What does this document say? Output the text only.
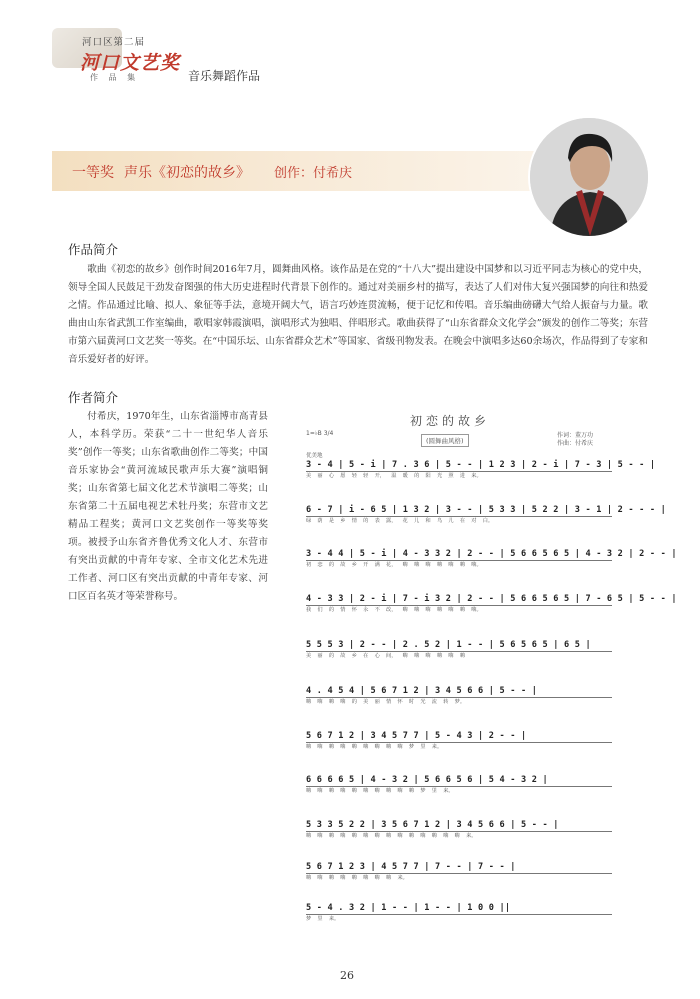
河口区第二届
河口文艺奖
作 品 集	音乐舞蹈作品
一等奖 声乐《初恋的故乡》 创作：付希庆
作品简介
歌曲《初恋的故乡》创作时间2016年7月，圆舞曲风格。该作品是在党的“十八大”提出建设中国梦和以习近平同志为核心的党中央，领导全国人民鼓足干劲发奋图强的伟大历史进程时代背景下创作的。通过对美丽乡村的描写，表达了人们对伟大复兴强国梦的向往和热爱之情。作品通过比喻、拟人、象征等手法，意境开阔大气，语言巧妙连贯流畅，便于记忆和传唱。音乐编曲磅礴大气给人振奋与力量。歌曲由山东省武凯工作室编曲，歌唱家韩霞演唱，演唱形式为独唱、伴唱形式。歌曲获得了“山东省群众文化学会”颁发的创作二等奖；东营市第六届黄河口文艺奖一等奖。在“中国乐坛、山东省群众艺术”等国家、省级刊物发表。在晚会中演唱多达60余场次，作品得到了专家和音乐爱好者的好评。
作者简介
付希庆，1970年生，山东省淄博市高青县人，本科学历。荣获“二十一世纪华人音乐奖”创作一等奖；山东省歌曲创作二等奖；中国音乐家协会“黄河流域民歌声乐大赛”演唱铜奖；山东省第七届文化艺术节演唱二等奖；山东省第二十五届电视艺术牡丹奖；东营市文艺精品工程奖；黄河口文艺奖创作一等奖等奖项。被授予山东省齐鲁优秀文化人才、东营市有突出贡献的中青年专家、全市文化艺术先进工作者、河口区有突出贡献的中青年专家、河口区百名英才等荣誉称号。
初恋的故乡
(圆舞曲风格)
1=♭B 3/4	作词：董万功
作曲：付希庆
优美地
3 - 4 | 5 - i | 7 . 3 6 | 5 - - | 1 2 3 | 2 - i | 7 - 3 | 5 - - |
美  丽  心  愿  轻  轻  开，  温  暖  的  阳  光  照  进  来。
6 - 7 | i - 6 5 | 1 3 2 | 3 - - | 5 3 3 | 5 2 2 | 3 - 1 | 2 - - - |
绿  荫  是  乡  情  的  表  露，  花  儿  和  鸟  儿  在  对  白。
3 - 4 4 | 5 - i | 4 - 3 3 2 | 2 - - | 5 6 6 5 6 5 | 4 - 3 2 | 2 - - |
初  恋  的  故  乡  开  满  花，  嗨  嗨  嗨  嗨  嗨  嗨  嗨。
4 - 3 3 | 2 - i | 7 - i 3 2 | 2 - - | 5 6 6 5 6 5 | 7 - 6 5 | 5 - - |
我  们  的  情  怀  永  不  改，  嗨  嗨  嗨  嗨  嗨  嗨  嗨。
5 5 5 3 | 2 - - | 2 . 5 2 | 1 - - | 5 6 5 6 5 | 6 5 |
美  丽  的  故  乡  在  心  间，  嗨  嗨  嗨  嗨  嗨  嗨
4 . 4 5 4 | 5 6 7 1 2 | 3 4 5 6 6 | 5 - - |
嗨  嗨  嗨  嗨  的  美  丽  情  怀  时  光  流  转  梦。
5 6 7 1 2 | 3 4 5 7 7 | 5 - 4 3 | 2 - - |
嗨  嗨  嗨  嗨  嗨  嗨  嗨  嗨  嗨  梦  里  来。
6 6 6 6 5 | 4 - 3 2 | 5 6 6 5 6 | 5 4 - 3 2 |
嗨  嗨  嗨  嗨  嗨  嗨  嗨  嗨  嗨  嗨  梦  里  来。
5 3 3 5 2 2 | 3 5 6 7 1 2 | 3 4 5 6 6 | 5 - - |
嗨  嗨  嗨  嗨  嗨  嗨  嗨  嗨  嗨  嗨  嗨  嗨  嗨  嗨  来。
5 6 7 1 2 3 | 4 5 7 7 | 7 - - | 7 - - |
嗨  嗨  嗨  嗨  嗨  嗨  嗨  嗨  来。
5 - 4 . 3 2 | 1 - - | 1 - - | 1 0 0 ||
梦  里  来。
26
